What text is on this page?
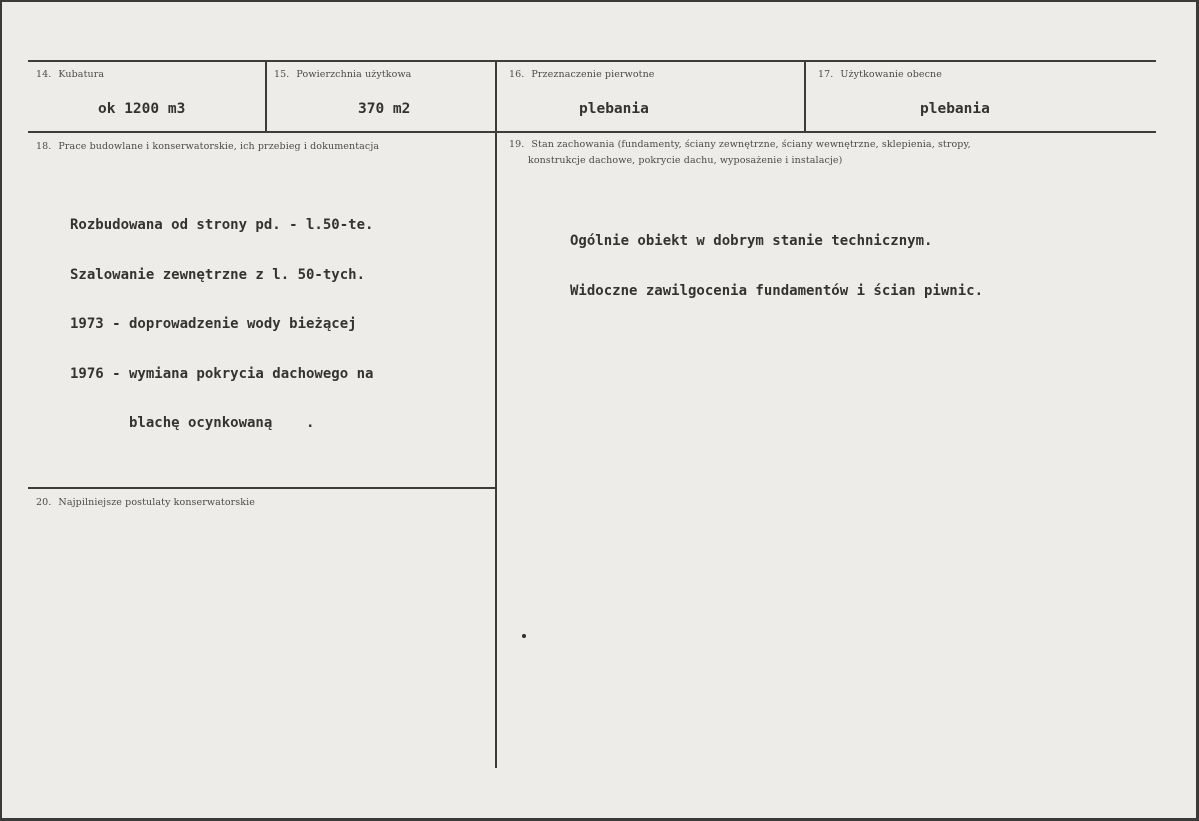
14. Kubatura
ok 1200 m3
15. Powierzchnia użytkowa
370 m2
16. Przeznaczenie pierwotne
plebania
17. Użytkowanie obecne
plebania
18. Prace budowlane i konserwatorskie, ich przebieg i dokumentacja

Rozbudowana od strony pd. - l.50-te.

Szalowanie zewnętrzne z l. 50-tych.

1973 - doprowadzenie wody bieżącej

1976 - wymiana pokrycia dachowego na

blachę ocynkowaną    .

19. Stan zachowania (fundamenty, ściany zewnętrzne, ściany wewnętrzne, sklepienia, stropy,
konstrukcje dachowe, pokrycie dachu, wyposażenie i instalacje)

Ogólnie obiekt w dobrym stanie technicznym.

Widoczne zawilgocenia fundamentów i ścian piwnic.

20. Najpilniejsze postulaty konserwatorskie
